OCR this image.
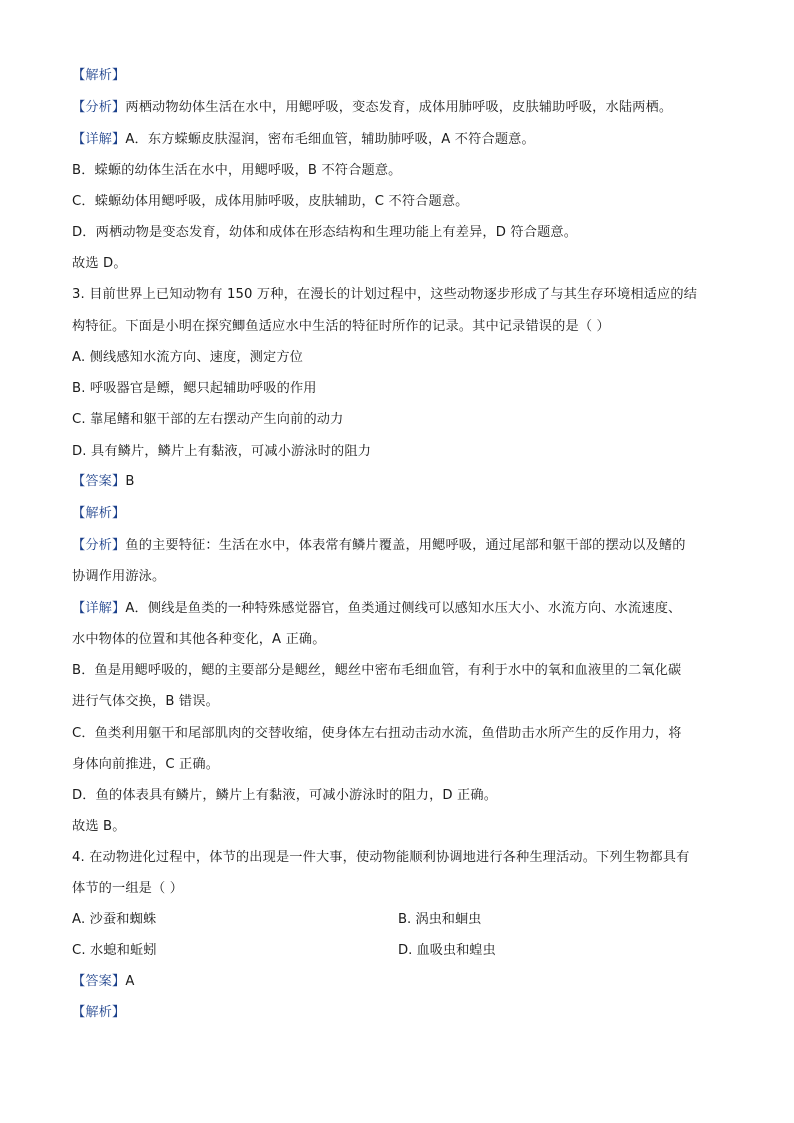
【解析】
【分析】两栖动物幼体生活在水中，用鳃呼吸，变态发育，成体用肺呼吸，皮肤辅助呼吸，水陆两栖。
【详解】A．东方蝾螈皮肤湿润，密布毛细血管，辅助肺呼吸，A 不符合题意。
B．蝾螈的幼体生活在水中，用鳃呼吸，B 不符合题意。
C．蝾螈幼体用鳃呼吸，成体用肺呼吸，皮肤辅助，C 不符合题意。
D．两栖动物是变态发育，幼体和成体在形态结构和生理功能上有差异，D 符合题意。
故选 D。
3. 目前世界上已知动物有 150 万种，在漫长的计划过程中，这些动物逐步形成了与其生存环境相适应的结
构特征。下面是小明在探究鲫鱼适应水中生活的特征时所作的记录。其中记录错误的是（ ）
A. 侧线感知水流方向、速度，测定方位
B. 呼吸器官是鳔，鳃只起辅助呼吸的作用
C. 靠尾鳍和躯干部的左右摆动产生向前的动力
D. 具有鳞片，鳞片上有黏液，可减小游泳时的阻力
【答案】B
【解析】
【分析】鱼的主要特征：生活在水中，体表常有鳞片覆盖，用鳃呼吸，通过尾部和躯干部的摆动以及鳍的
协调作用游泳。
【详解】A．侧线是鱼类的一种特殊感觉器官，鱼类通过侧线可以感知水压大小、水流方向、水流速度、
水中物体的位置和其他各种变化，A 正确。
B．鱼是用鳃呼吸的，鳃的主要部分是鳃丝，鳃丝中密布毛细血管，有利于水中的氧和血液里的二氧化碳
进行气体交换，B 错误。
C．鱼类利用躯干和尾部肌肉的交替收缩，使身体左右扭动击动水流，鱼借助击水所产生的反作用力，将
身体向前推进，C 正确。
D．鱼的体表具有鳞片，鳞片上有黏液，可减小游泳时的阻力，D 正确。
故选 B。
4. 在动物进化过程中，体节的出现是一件大事，使动物能顺利协调地进行各种生理活动。下列生物都具有
体节的一组是（ ）
A. 沙蚕和蜘蛛	B. 涡虫和蛔虫
C. 水螅和蚯蚓	D. 血吸虫和蝗虫
【答案】A
【解析】
